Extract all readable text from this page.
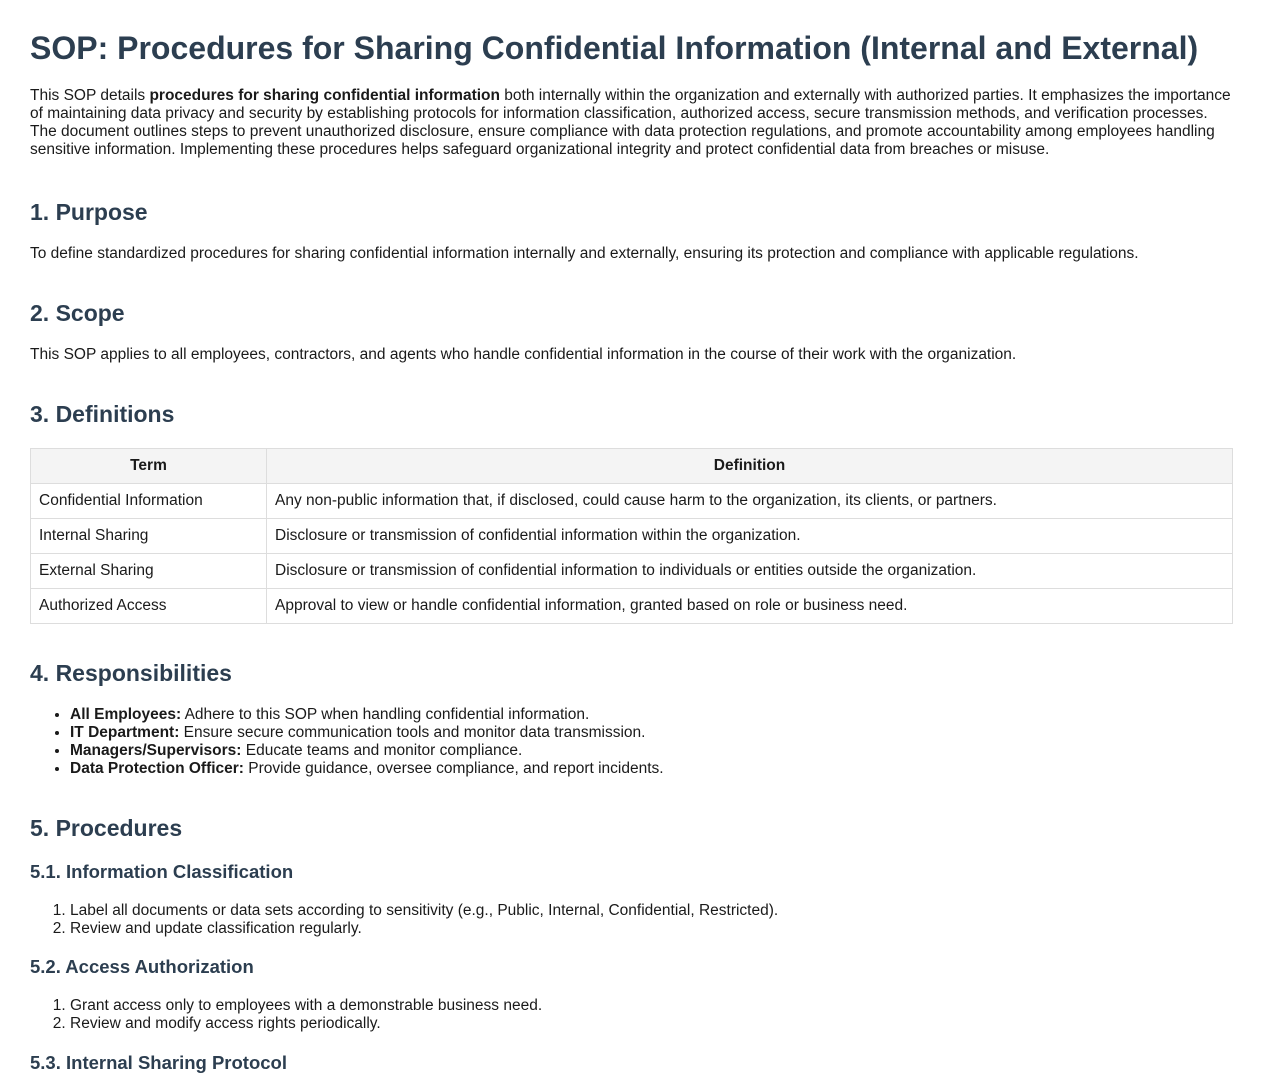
SOP: Procedures for Sharing Confidential Information (Internal and External)

This SOP details procedures for sharing confidential information both internally within the organization and externally with authorized parties. It emphasizes the importance of maintaining data privacy and security by establishing protocols for information classification, authorized access, secure transmission methods, and verification processes. The document outlines steps to prevent unauthorized disclosure, ensure compliance with data protection regulations, and promote accountability among employees handling sensitive information. Implementing these procedures helps safeguard organizational integrity and protect confidential data from breaches or misuse.

1. Purpose

To define standardized procedures for sharing confidential information internally and externally, ensuring its protection and compliance with applicable regulations.

2. Scope

This SOP applies to all employees, contractors, and agents who handle confidential information in the course of their work with the organization.

3. Definitions
Term	Definition
Confidential Information	Any non-public information that, if disclosed, could cause harm to the organization, its clients, or partners.
Internal Sharing	Disclosure or transmission of confidential information within the organization.
External Sharing	Disclosure or transmission of confidential information to individuals or entities outside the organization.
Authorized Access	Approval to view or handle confidential information, granted based on role or business need.
4. Responsibilities
• All Employees: Adhere to this SOP when handling confidential information.
• IT Department: Ensure secure communication tools and monitor data transmission.
• Managers/Supervisors: Educate teams and monitor compliance.
• Data Protection Officer: Provide guidance, oversee compliance, and report incidents.
5. Procedures
5.1. Information Classification
1. Label all documents or data sets according to sensitivity (e.g., Public, Internal, Confidential, Restricted).
2. Review and update classification regularly.
5.2. Access Authorization
1. Grant access only to employees with a demonstrable business need.
2. Review and modify access rights periodically.
5.3. Internal Sharing Protocol
